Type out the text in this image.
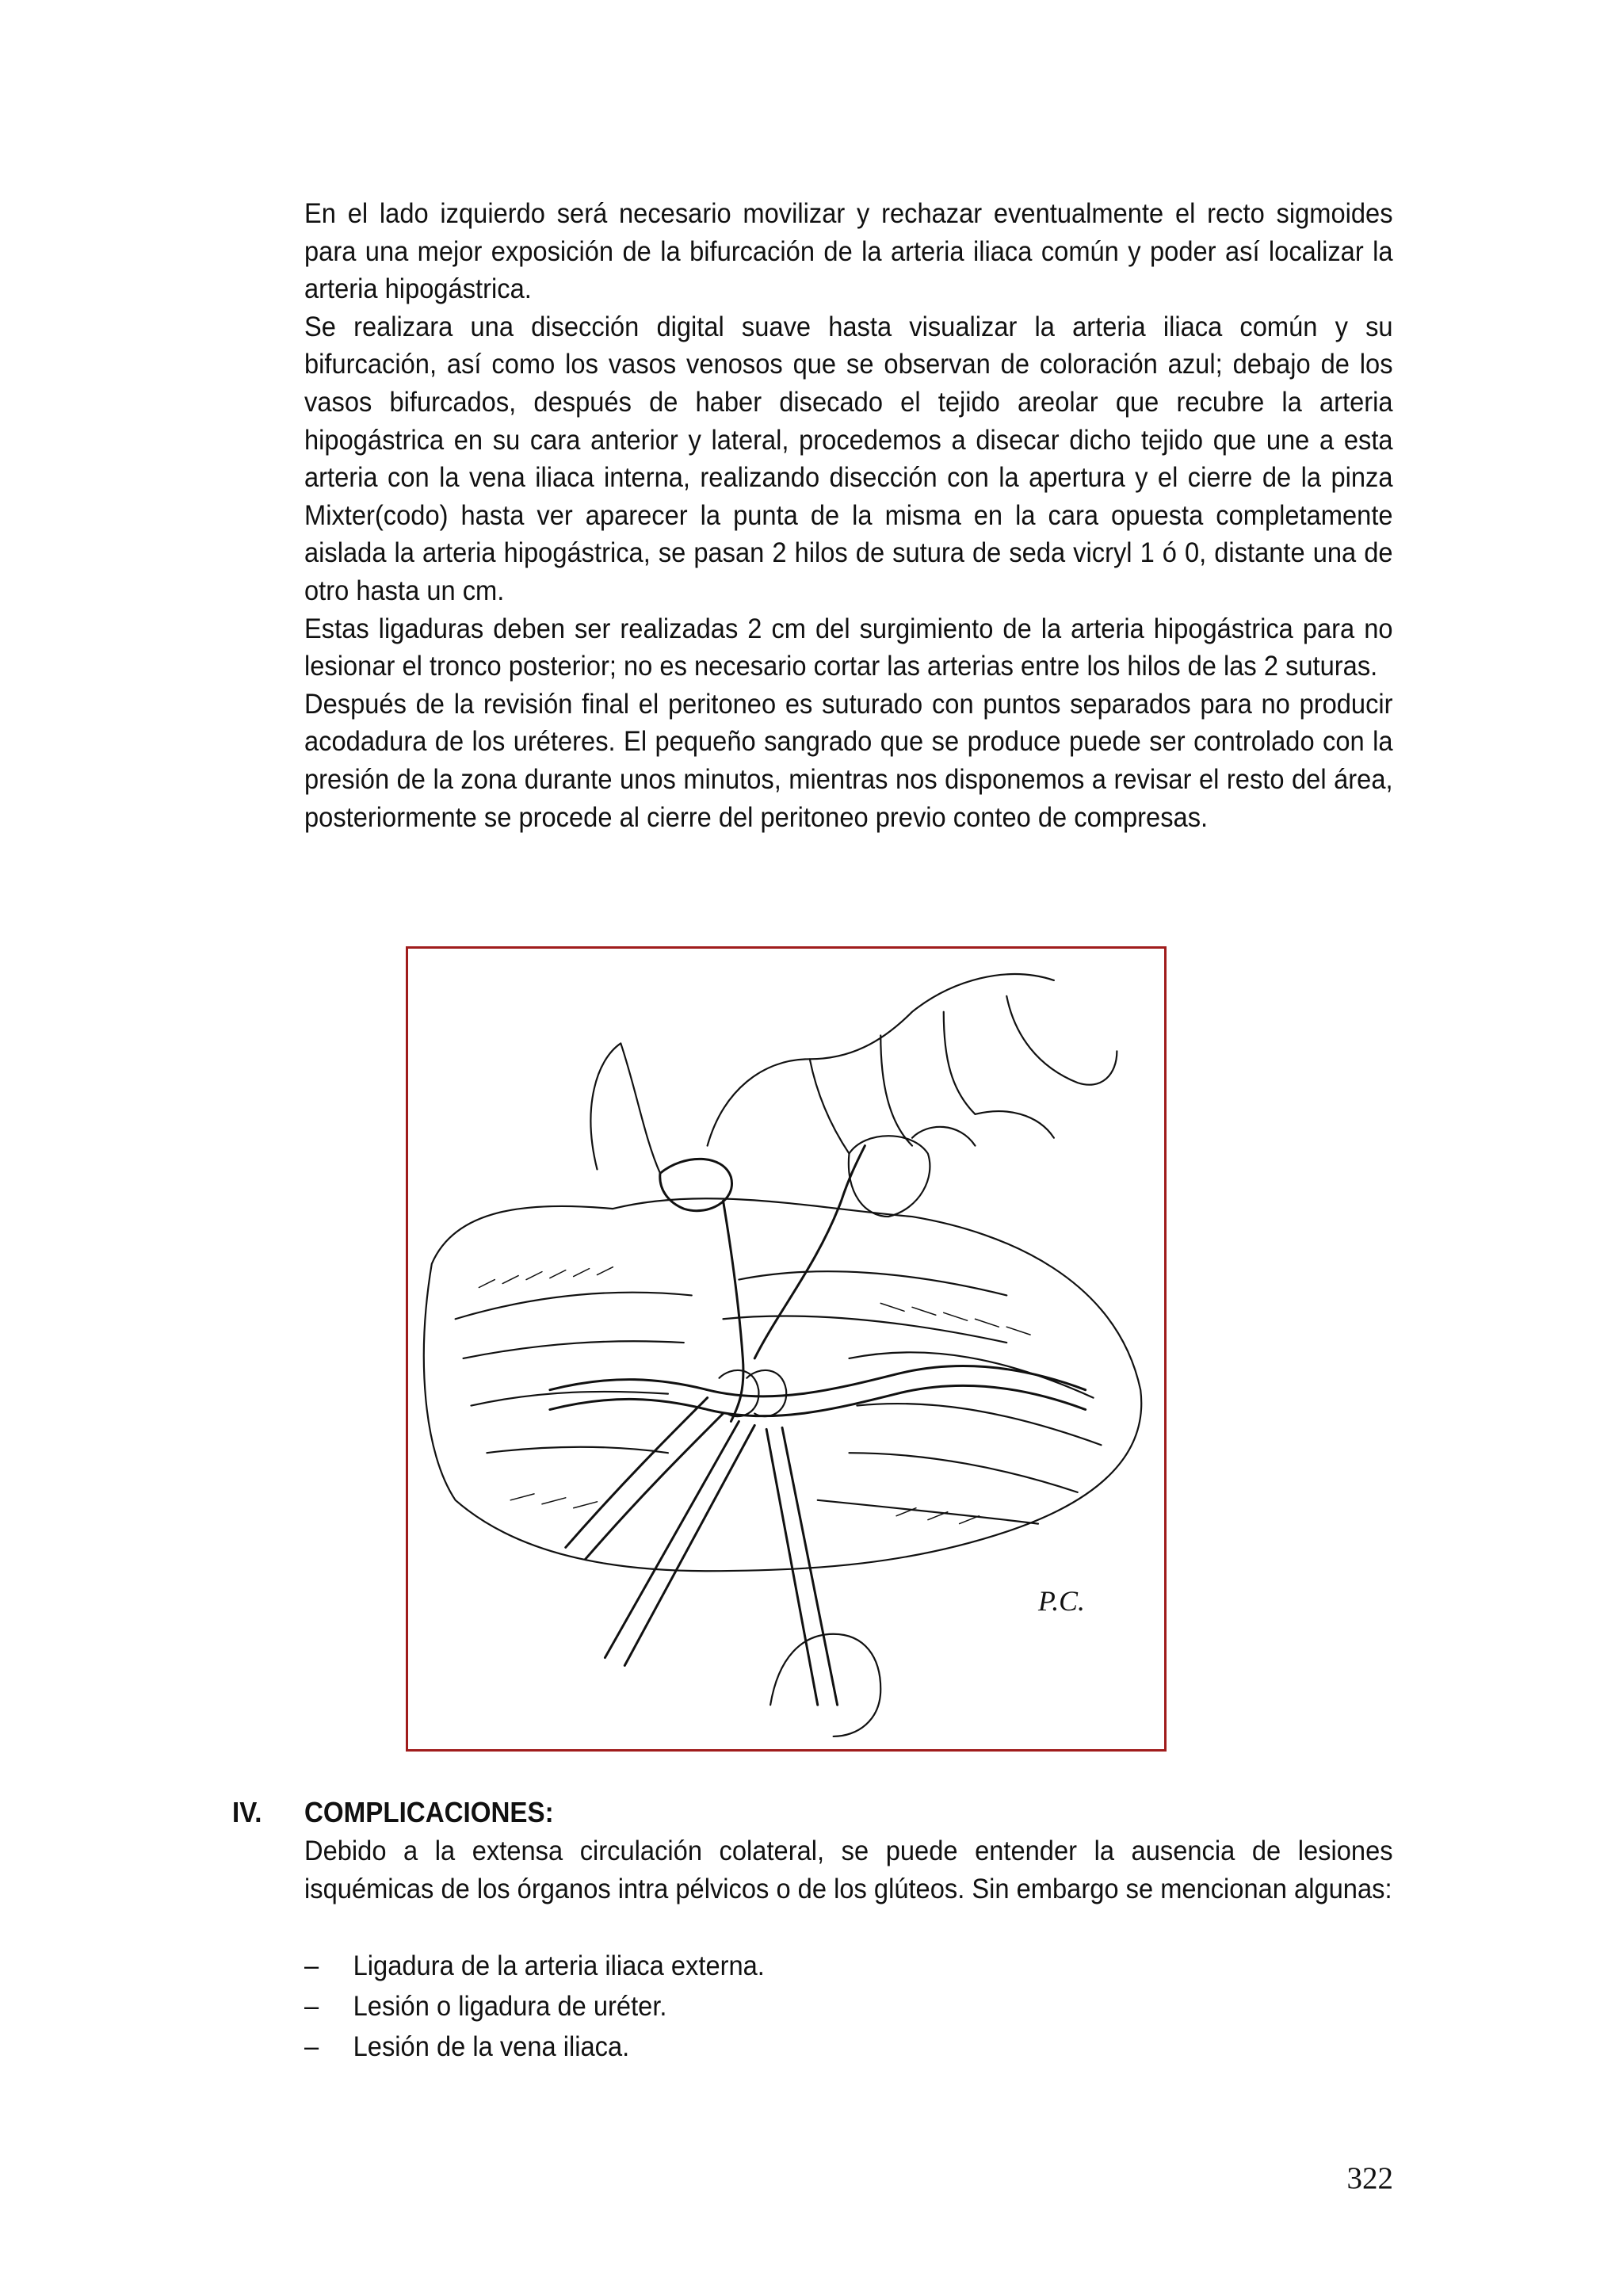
En el lado izquierdo será necesario movilizar y rechazar eventualmente el recto sigmoides para una mejor exposición de la bifurcación de la arteria iliaca común y poder así localizar la arteria hipogástrica.

Se realizara una disección digital suave hasta visualizar la arteria iliaca común y su bifurcación, así como los vasos venosos que se observan de coloración azul; debajo de los vasos bifurcados, después de haber disecado el tejido areolar que recubre la arteria hipogástrica en su cara anterior y lateral, procedemos a disecar dicho tejido que une a esta arteria con la vena iliaca interna, realizando disección con la apertura y el cierre de la pinza Mixter(codo) hasta ver aparecer la punta de la misma en la cara opuesta completamente aislada la arteria hipogástrica, se pasan 2 hilos de sutura de seda vicryl 1 ó 0, distante una de otro hasta un cm.

Estas ligaduras deben ser realizadas 2 cm del surgimiento de la arteria hipogástrica para no lesionar el tronco posterior; no es necesario cortar las arterias entre los hilos de las 2 suturas.

Después de la revisión final el peritoneo es suturado con puntos separados para no producir acodadura de los uréteres. El pequeño sangrado que se produce puede ser controlado con la presión de la zona durante unos minutos, mientras nos disponemos a revisar el resto del área, posteriormente se procede al cierre del peritoneo previo conteo de compresas.

P.C.
IV. COMPLICACIONES:

Debido a la extensa circulación colateral, se puede entender la ausencia de lesiones isquémicas de los órganos intra pélvicos o de los glúteos. Sin embargo se mencionan algunas:

–	Ligadura de la arteria iliaca externa.
–	Lesión o ligadura de uréter.
–	Lesión de la vena iliaca.
322
